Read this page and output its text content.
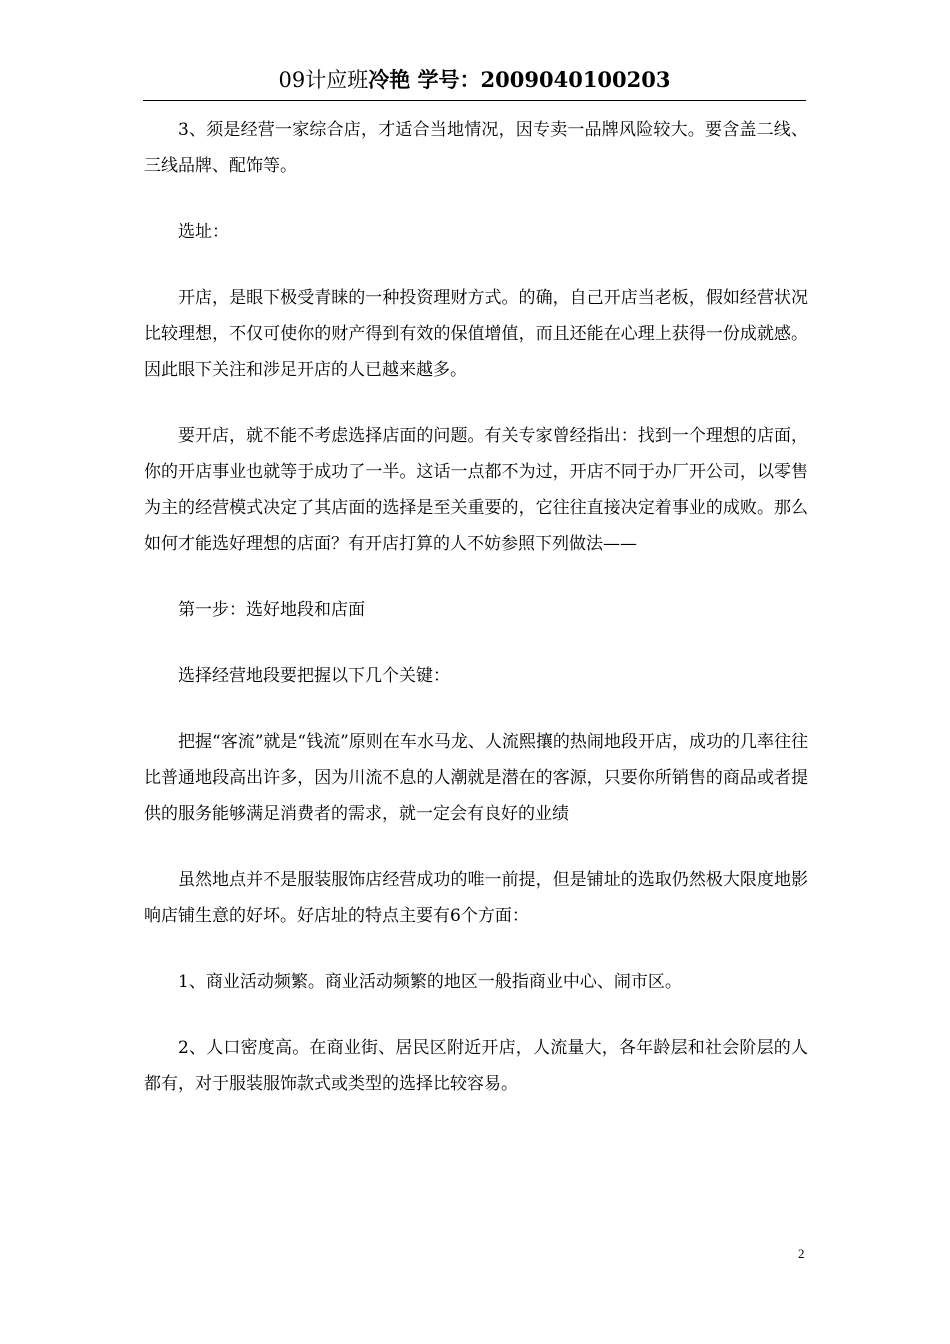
09计应班冷艳 学号：2009040100203

3、须是经营一家综合店，才适合当地情况，因专卖一品牌风险较大。要含盖二线、三线品牌、配饰等。

选址：

开店，是眼下极受青睐的一种投资理财方式。的确，自己开店当老板，假如经营状况比较理想，不仅可使你的财产得到有效的保值增值，而且还能在心理上获得一份成就感。因此眼下关注和涉足开店的人已越来越多。

要开店，就不能不考虑选择店面的问题。有关专家曾经指出：找到一个理想的店面，你的开店事业也就等于成功了一半。这话一点都不为过，开店不同于办厂开公司，以零售为主的经营模式决定了其店面的选择是至关重要的，它往往直接决定着事业的成败。那么如何才能选好理想的店面？有开店打算的人不妨参照下列做法——

第一步：选好地段和店面

选择经营地段要把握以下几个关键：

把握“客流”就是“钱流”原则在车水马龙、人流熙攘的热闹地段开店，成功的几率往往比普通地段高出许多，因为川流不息的人潮就是潜在的客源，只要你所销售的商品或者提供的服务能够满足消费者的需求，就一定会有良好的业绩

虽然地点并不是服装服饰店经营成功的唯一前提，但是铺址的选取仍然极大限度地影响店铺生意的好坏。好店址的特点主要有6个方面：

1、商业活动频繁。商业活动频繁的地区一般指商业中心、闹市区。

2、人口密度高。在商业街、居民区附近开店，人流量大，各年龄层和社会阶层的人都有，对于服装服饰款式或类型的选择比较容易。

2
